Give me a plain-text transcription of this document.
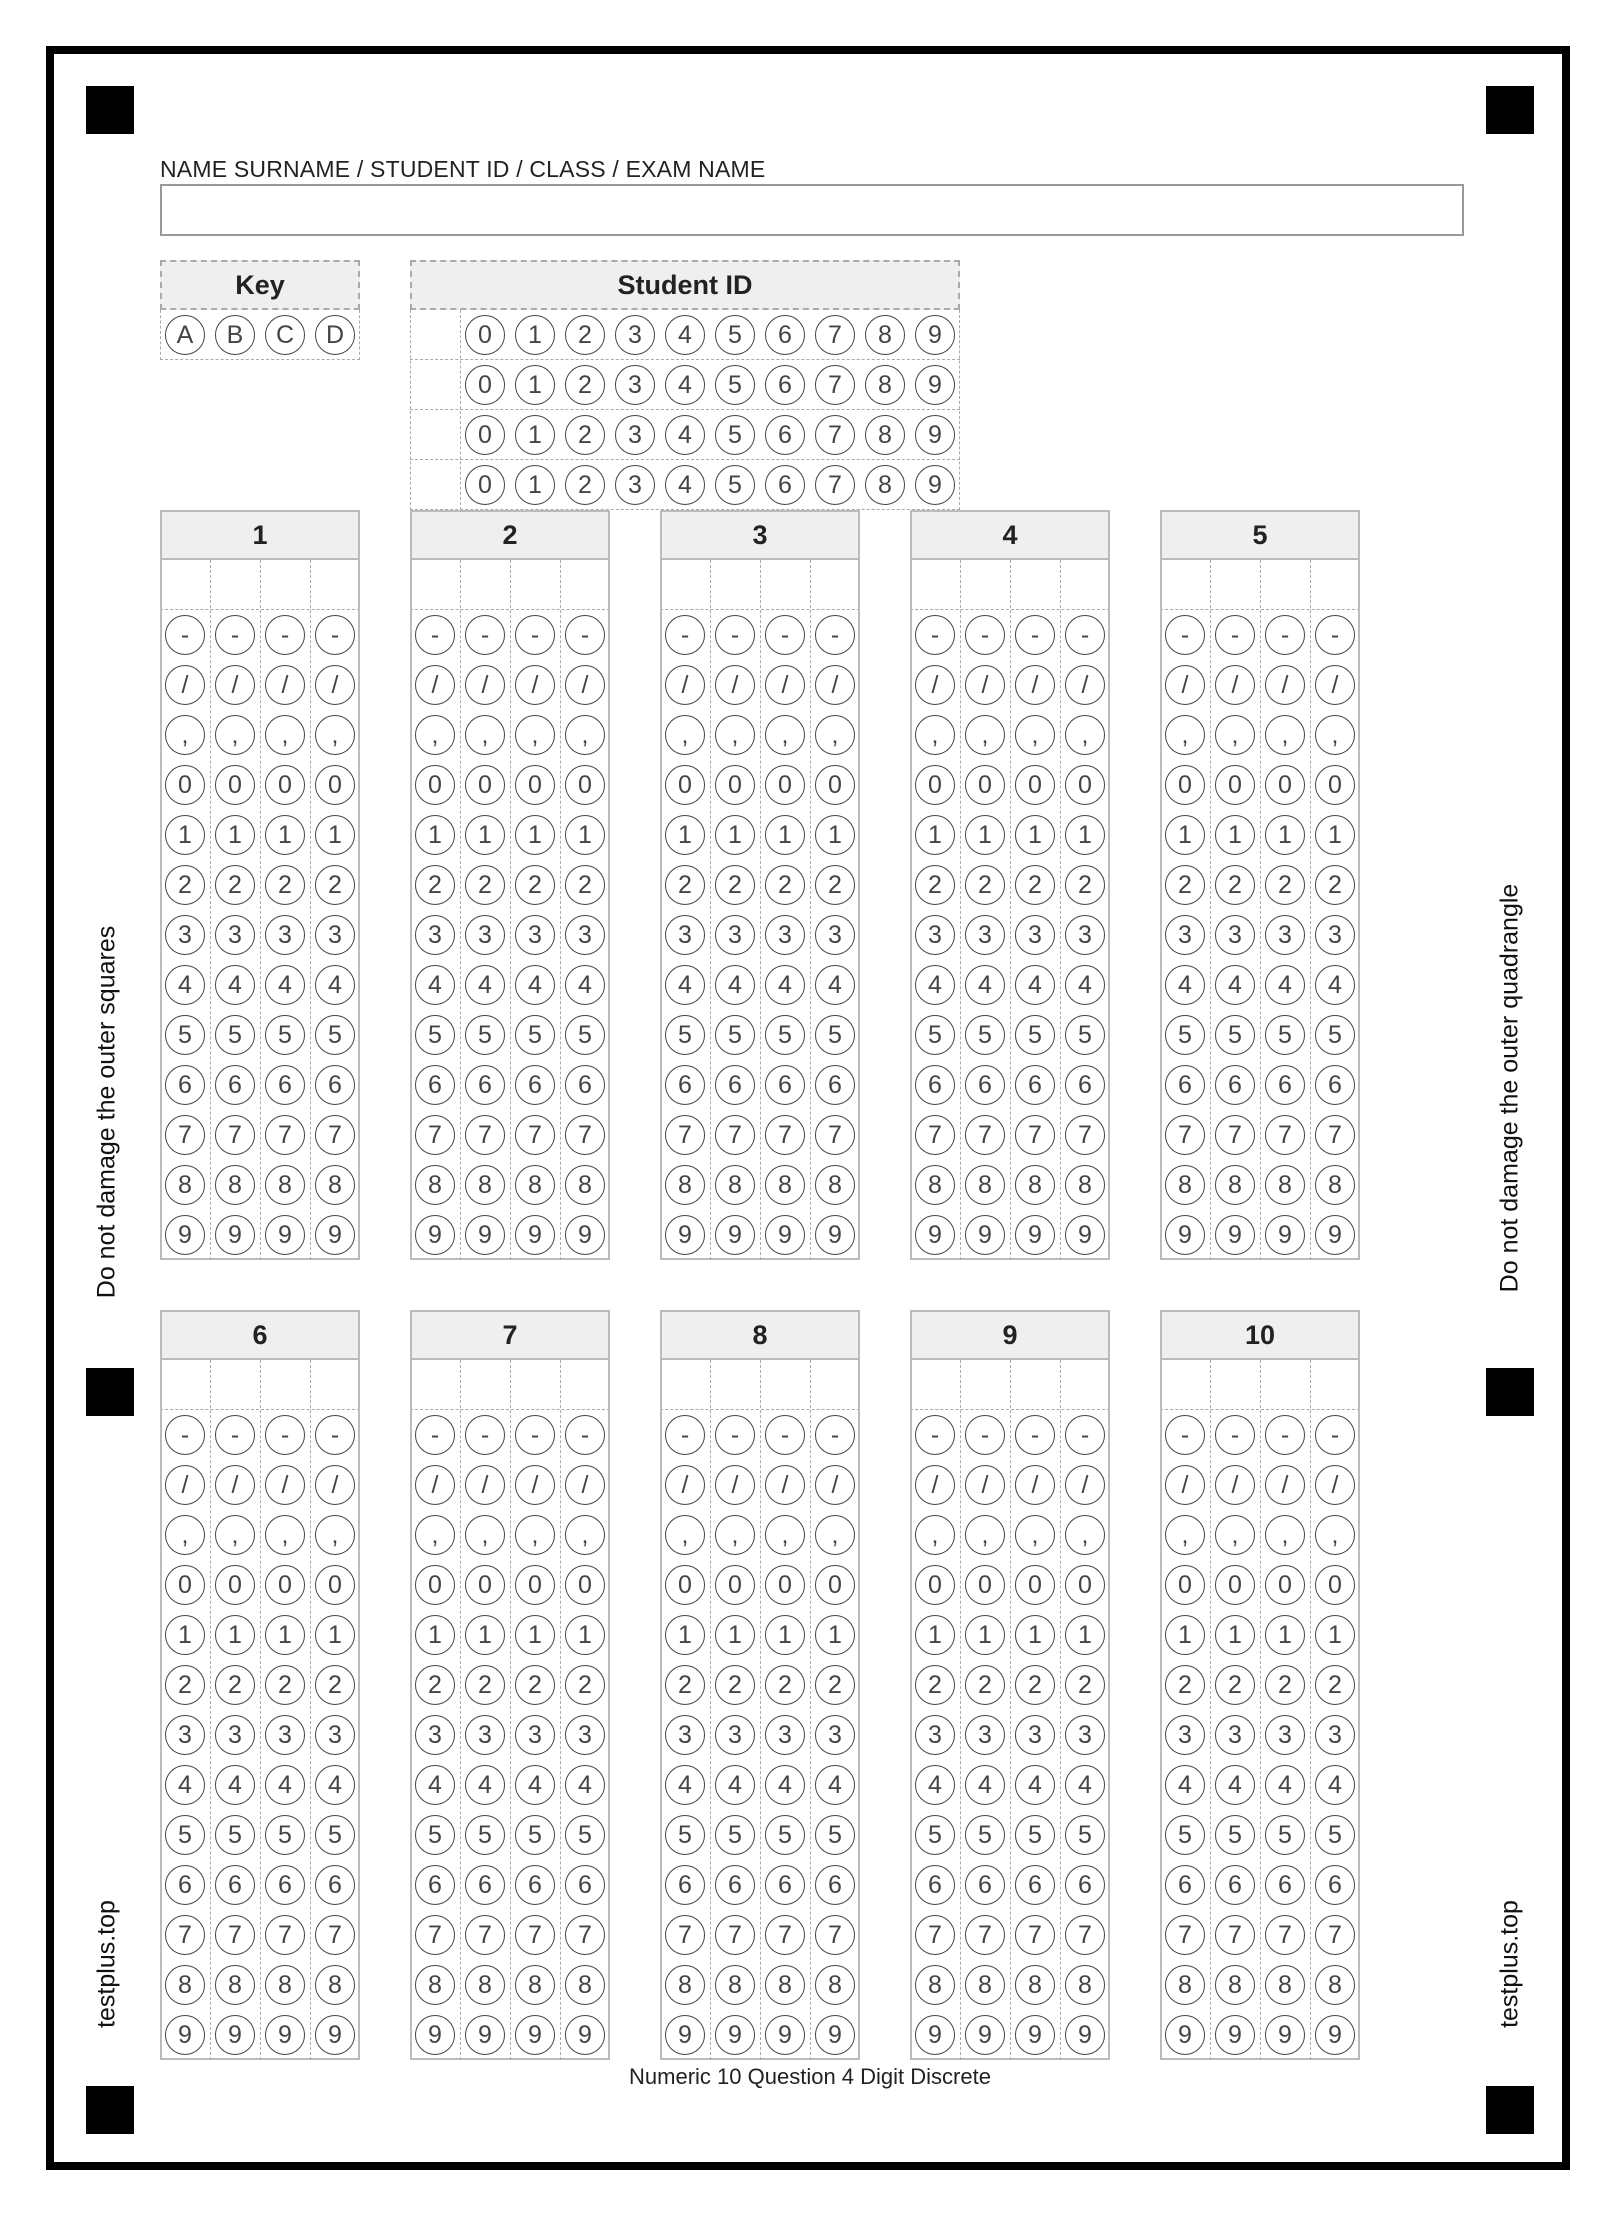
Do not damage the outer squares	Do not damage the outer quadrangle
testplus.top	testplus.top
NAME SURNAME / STUDENT ID / CLASS / EXAM NAME
Key
A	B	C	D
Student ID
0	1	2	3	4	5	6	7	8	9
0	1	2	3	4	5	6	7	8	9
0	1	2	3	4	5	6	7	8	9
0	1	2	3	4	5	6	7	8	9
1
-	-	-	-
/	/	/	/
,	,	,	,
0	0	0	0
1	1	1	1
2	2	2	2
3	3	3	3
4	4	4	4
5	5	5	5
6	6	6	6
7	7	7	7
8	8	8	8
9	9	9	9
2
-	-	-	-
/	/	/	/
,	,	,	,
0	0	0	0
1	1	1	1
2	2	2	2
3	3	3	3
4	4	4	4
5	5	5	5
6	6	6	6
7	7	7	7
8	8	8	8
9	9	9	9
3
-	-	-	-
/	/	/	/
,	,	,	,
0	0	0	0
1	1	1	1
2	2	2	2
3	3	3	3
4	4	4	4
5	5	5	5
6	6	6	6
7	7	7	7
8	8	8	8
9	9	9	9
4
-	-	-	-
/	/	/	/
,	,	,	,
0	0	0	0
1	1	1	1
2	2	2	2
3	3	3	3
4	4	4	4
5	5	5	5
6	6	6	6
7	7	7	7
8	8	8	8
9	9	9	9
5
-	-	-	-
/	/	/	/
,	,	,	,
0	0	0	0
1	1	1	1
2	2	2	2
3	3	3	3
4	4	4	4
5	5	5	5
6	6	6	6
7	7	7	7
8	8	8	8
9	9	9	9
6
-	-	-	-
/	/	/	/
,	,	,	,
0	0	0	0
1	1	1	1
2	2	2	2
3	3	3	3
4	4	4	4
5	5	5	5
6	6	6	6
7	7	7	7
8	8	8	8
9	9	9	9
7
-	-	-	-
/	/	/	/
,	,	,	,
0	0	0	0
1	1	1	1
2	2	2	2
3	3	3	3
4	4	4	4
5	5	5	5
6	6	6	6
7	7	7	7
8	8	8	8
9	9	9	9
8
-	-	-	-
/	/	/	/
,	,	,	,
0	0	0	0
1	1	1	1
2	2	2	2
3	3	3	3
4	4	4	4
5	5	5	5
6	6	6	6
7	7	7	7
8	8	8	8
9	9	9	9
9
-	-	-	-
/	/	/	/
,	,	,	,
0	0	0	0
1	1	1	1
2	2	2	2
3	3	3	3
4	4	4	4
5	5	5	5
6	6	6	6
7	7	7	7
8	8	8	8
9	9	9	9
10
-	-	-	-
/	/	/	/
,	,	,	,
0	0	0	0
1	1	1	1
2	2	2	2
3	3	3	3
4	4	4	4
5	5	5	5
6	6	6	6
7	7	7	7
8	8	8	8
9	9	9	9
Numeric 10 Question 4 Digit Discrete
